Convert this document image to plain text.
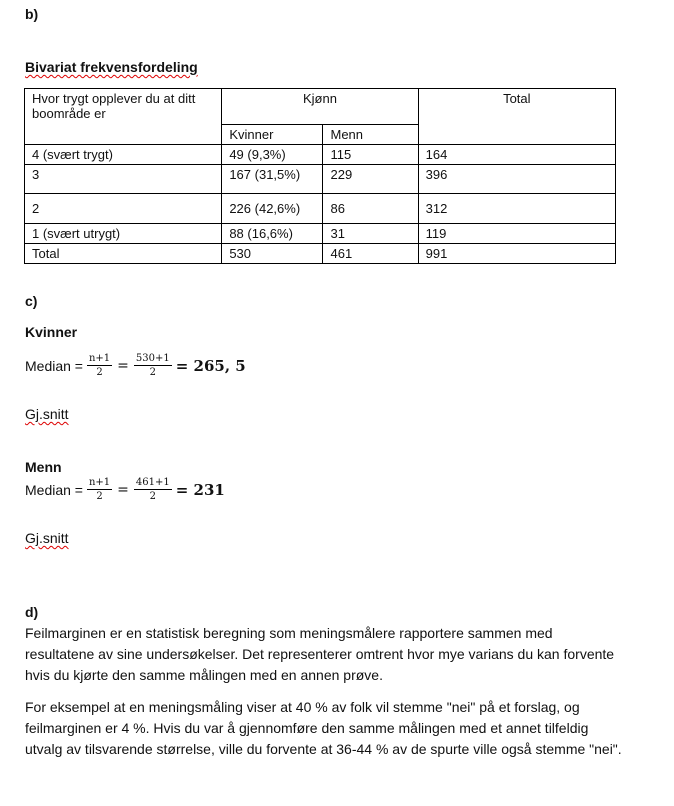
b)
Bivariat frekvensfordeling
Hvor trygt opplever du at ditt boområde er	Kjønn		Total
	Kvinner	Menn	
4 (svært trygt)	49 (9,3%)	115	164
3	167 (31,5%)	229	396
2	226 (42,6%)	86	312
1 (svært utrygt)	88 (16,6%)	31	119
Total	530	461	991
c)
Kvinner
Median = $\frac{n+1}{2} = \frac{530+1}{2} = 265$, 5
Gj.snitt
Menn
Median = $\frac{n+1}{2} = \frac{461+1}{2} = 231$
Gj.snitt
d)
Feilmarginen er en statistisk beregning som meningsmålere rapportere sammen med resultatene av sine undersøkelser. Det representerer omtrent hvor mye varians du kan forvente hvis du kjørte den samme målingen med en annen prøve.
For eksempel at en meningsmåling viser at 40 % av folk vil stemme "nei" på et forslag, og feilmarginen er 4 %. Hvis du var å gjennomføre den samme målingen med et annet tilfeldig utvalg av tilsvarende størrelse, ville du forvente at 36-44 % av de spurte ville også stemme "nei".
